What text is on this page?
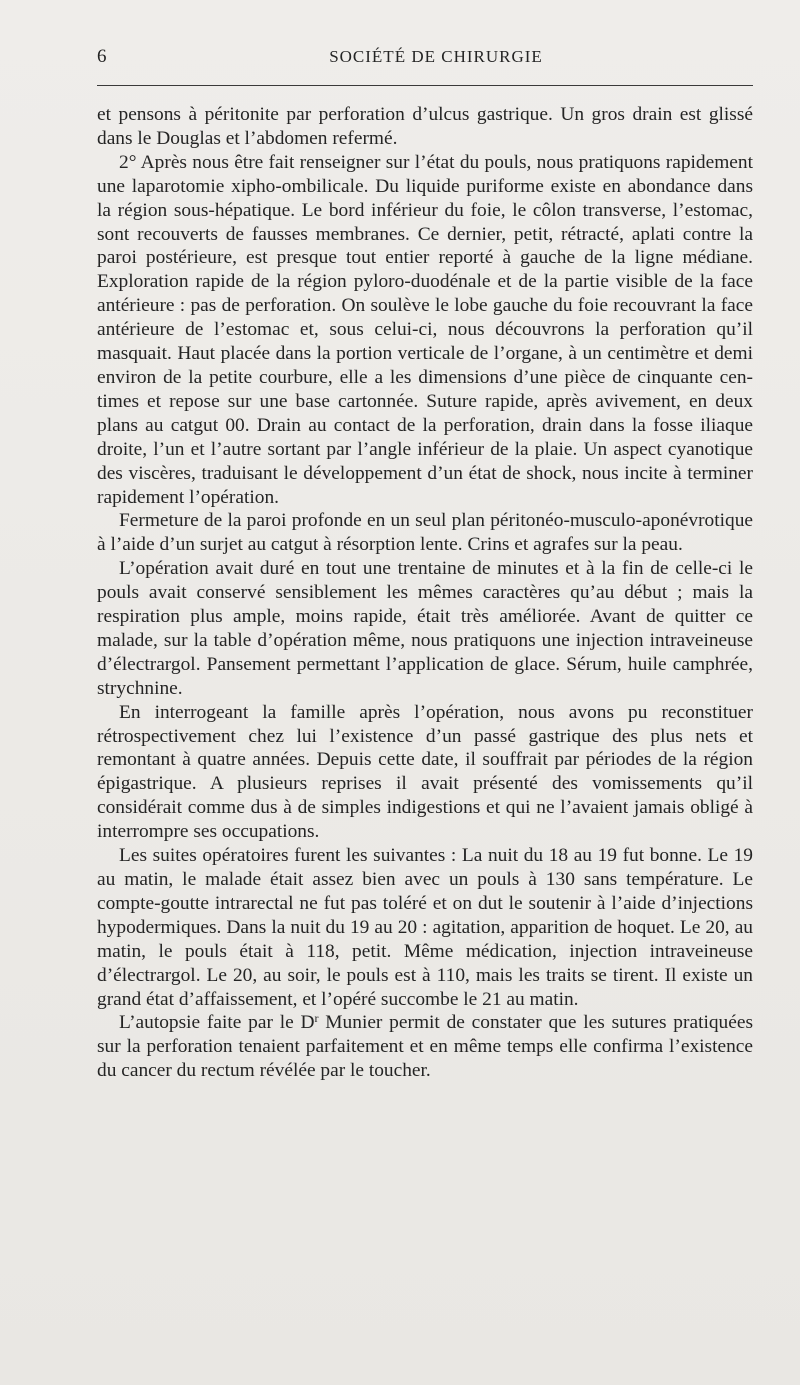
6	SOCIÉTÉ DE CHIRURGIE

et pensons à péritonite par perforation d’ulcus gastrique. Un gros drain est glissé dans le Douglas et l’abdomen refermé.

2° Après nous être fait renseigner sur l’état du pouls, nous pratiquons rapidement une laparotomie xipho-ombilicale. Du liquide puriforme existe en abondance dans la région sous-hépatique. Le bord inférieur du foie, le côlon transverse, l’estomac, sont recouverts de fausses membranes. Ce dernier, petit, rétracté, aplati contre la paroi postérieure, est presque tout entier reporté à gauche de la ligne médiane. Exploration rapide de la région pyloro-duodénale et de la partie visible de la face antérieure : pas de perforation. On soulève le lobe gauche du foie recouvrant la face antérieure de l’estomac et, sous celui-ci, nous découvrons la perforation qu’il masquait. Haut placée dans la portion verticale de l’organe, à un centimètre et demi environ de la petite courbure, elle a les dimensions d’une pièce de cinquante centimes et repose sur une base cartonnée. Suture rapide, après avivement, en deux plans au catgut 00. Drain au contact de la perforation, drain dans la fosse iliaque droite, l’un et l’autre sortant par l’angle inférieur de la plaie. Un aspect cyanotique des viscères, traduisant le développement d’un état de shock, nous incite à terminer rapidement l’opération.

Fermeture de la paroi profonde en un seul plan péritonéo-musculo-aponévrotique à l’aide d’un surjet au catgut à résorption lente. Crins et agrafes sur la peau.

L’opération avait duré en tout une trentaine de minutes et à la fin de celle-ci le pouls avait conservé sensiblement les mêmes caractères qu’au début ; mais la respiration plus ample, moins rapide, était très améliorée. Avant de quitter ce malade, sur la table d’opération même, nous pratiquons une injection intraveineuse d’électrargol. Pansement permettant l’application de glace. Sérum, huile camphrée, strychnine.

En interrogeant la famille après l’opération, nous avons pu reconstituer rétrospectivement chez lui l’existence d’un passé gastrique des plus nets et remontant à quatre années. Depuis cette date, il souffrait par périodes de la région épigastrique. A plusieurs reprises il avait présenté des vomissements qu’il considérait comme dus à de simples indigestions et qui ne l’avaient jamais obligé à interrompre ses occupations.

Les suites opératoires furent les suivantes : La nuit du 18 au 19 fut bonne. Le 19 au matin, le malade était assez bien avec un pouls à 130 sans température. Le compte-goutte intrarectal ne fut pas toléré et on dut le soutenir à l’aide d’injections hypodermiques. Dans la nuit du 19 au 20 : agitation, apparition de hoquet. Le 20, au matin, le pouls était à 118, petit. Même médication, injection intraveineuse d’électrargol. Le 20, au soir, le pouls est à 110, mais les traits se tirent. Il existe un grand état d’affaissement, et l’opéré succombe le 21 au matin.

L’autopsie faite par le $D^r$ Munier permit de constater que les sutures pratiquées sur la perforation tenaient parfaitement et en même temps elle confirma l’existence du cancer du rectum révélée par le toucher.
